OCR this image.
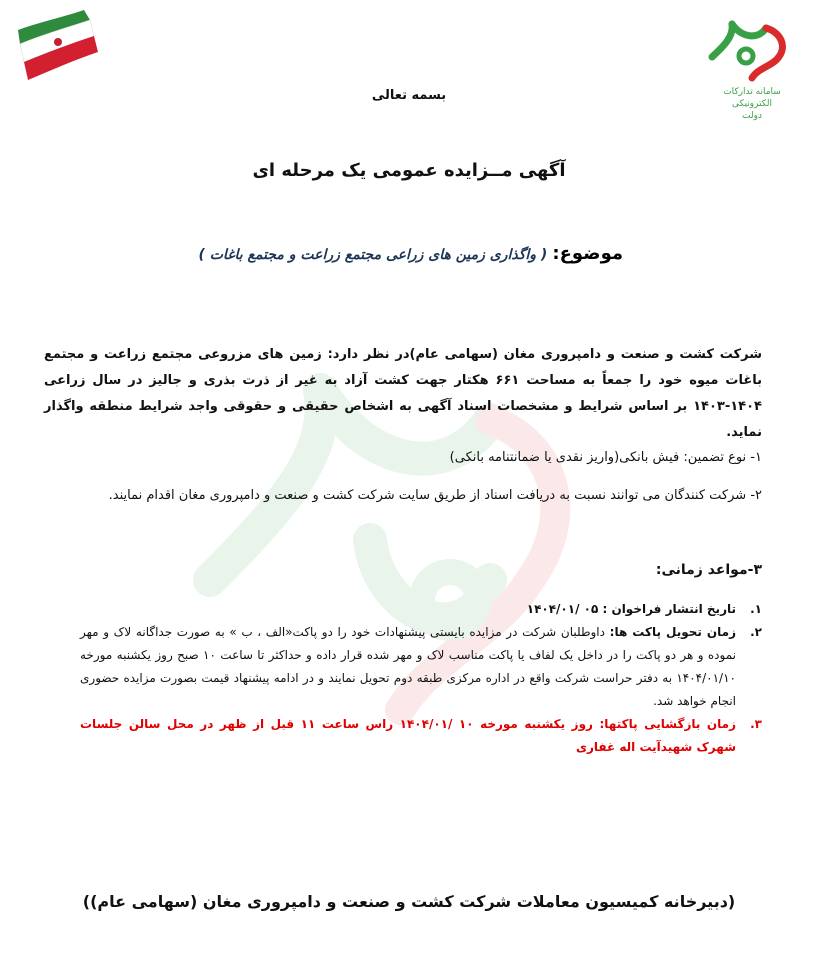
سامانه تدارکات
الکترونیکی
دولت
بسمه تعالی
آگهی مــزایده عمومی یک مرحله ای
موضوع: ( واگذاری زمین های زراعی مجتمع زراعت و مجتمع باغات )
شرکت کشت و صنعت و دامپروری مغان (سهامی عام)در نظر دارد: زمین های مزروعی مجتمع زراعت و مجتمع باغات میوه خود را جمعاً به مساحت ۶۶۱ هکتار جهت کشت آزاد به غیر از ذرت بذری و جالیز در سال زراعی ۱۴۰۴-۱۴۰۳ بر اساس شرایط و مشخصات اسناد آگهی به اشخاص حقیقی و حقوقی واجد شرایط منطقه واگذار نماید.
۱- نوع تضمین: فیش بانکی(واریز نقدی یا ضمانتنامه بانکی)
۲- شرکت کنندگان می توانند نسبت به دریافت اسناد از طریق سایت شرکت کشت و صنعت و دامپروری مغان اقدام نمایند.
۳-مواعد زمانی:
۱.
تاریخ انتشار فراخوان : ۰۵ /۱۴۰۴/۰۱
۲.
زمان تحویل پاکت ها: داوطلبان شرکت در مزایده بایستی پیشنهادات خود را دو پاکت«الف ، ب » به صورت جداگانه لاک و مهر نموده و هر دو پاکت را در داخل یک لفاف یا پاکت مناسب لاک و مهر شده قرار داده و حداکثر تا ساعت ۱۰ صبح روز یکشنبه مورخه ۱۴۰۴/۰۱/۱۰ به دفتر حراست شرکت واقع در اداره مرکزی طبقه دوم تحویل نمایند و در ادامه پیشنهاد قیمت بصورت مزایده حضوری انجام خواهد شد.
۳.
زمان بازگشایی پاکتها: روز یکشنبه مورخه ۱۰ /۱۴۰۴/۰۱ راس ساعت ۱۱ قبل از ظهر در محل سالن جلسات شهرک شهیدآیت اله غفاری
(دبیرخانه کمیسیون معاملات شرکت کشت و صنعت و دامپروری مغان (سهامی عام))
